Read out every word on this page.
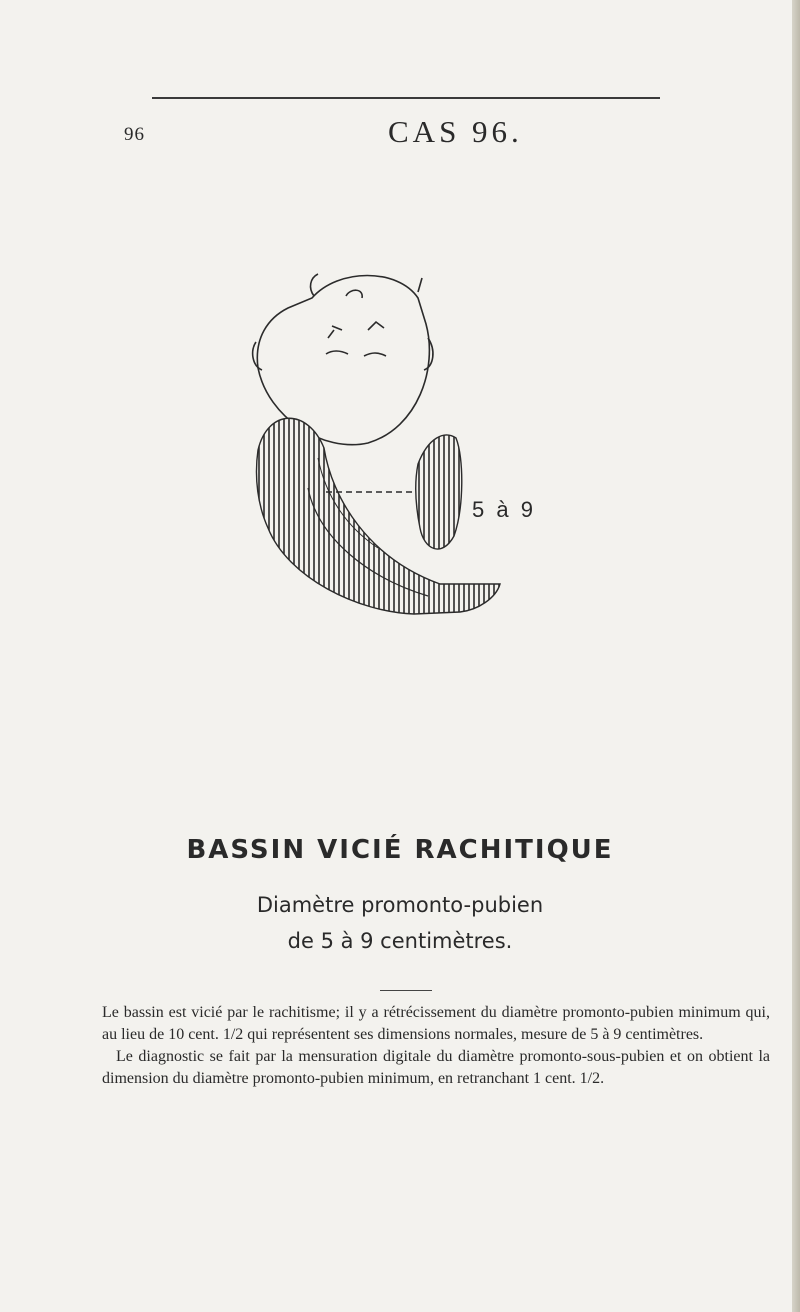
96	CAS 96.
5 à 9
BASSIN VICIÉ RACHITIQUE
Diamètre promonto-pubien
de 5 à 9 centimètres.

Le bassin est vicié par le rachitisme; il y a rétrécissement du diamètre promonto-pubien minimum qui, au lieu de 10 cent. 1/2 qui représentent ses dimensions normales, mesure de 5 à 9 centimètres.

Le diagnostic se fait par la mensuration digitale du diamètre promonto-sous-pubien et on obtient la dimension du diamètre promonto-pubien minimum, en retranchant 1 cent. 1/2.
